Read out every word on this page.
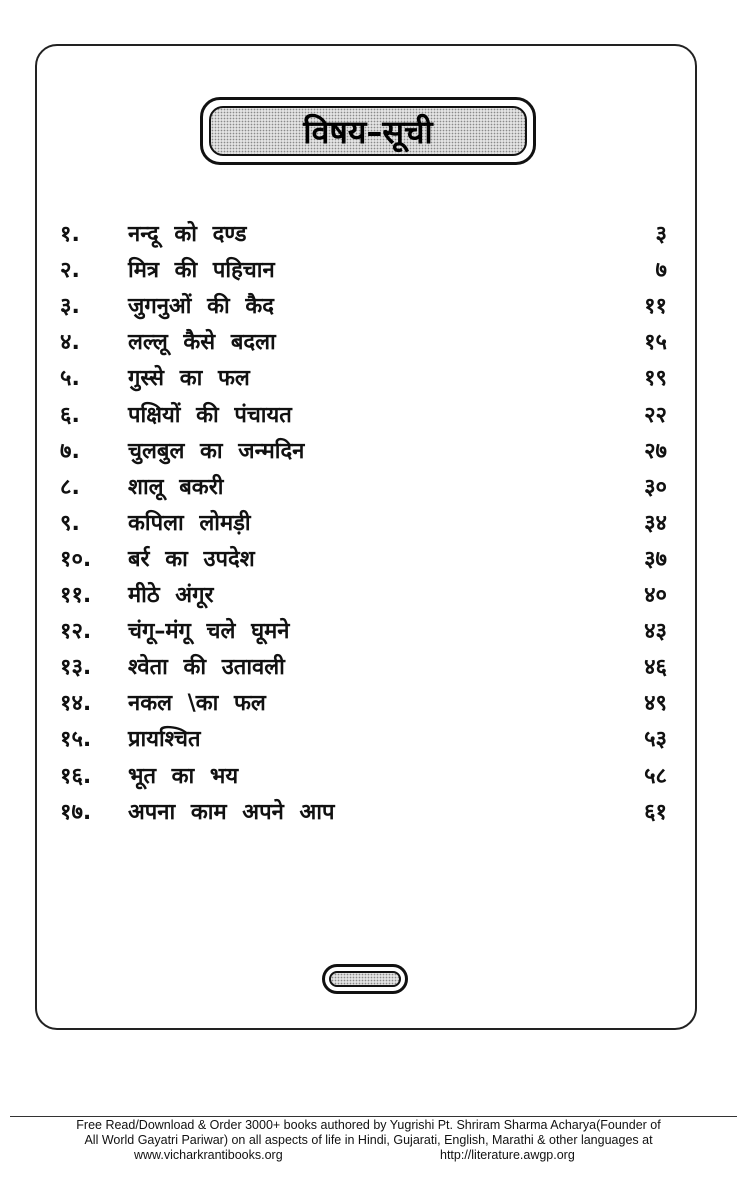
विषय–सूची
१. नन्दू को दण्ड	३
२. मित्र की पहिचान	७
३. जुगनुओं की कैद	११
४. लल्लू कैसे बदला	१५
५. गुस्से का फल	१९
६. पक्षियों की पंचायत	२२
७. चुलबुल का जन्मदिन	२७
८. शालू बकरी	३०
९. कपिला लोमड़ी	३४
१०. बर्र का उपदेश	३७
११. मीठे अंगूर	४०
१२. चंगू–मंगू चले घूमने	४३
१३. श्वेता की उतावली	४६
१४. नकल \का फल	४९
१५. प्रायश्चित	५३
१६. भूत का भय	५८
१७. अपना काम अपने आप	६१
Free Read/Download & Order 3000+ books authored by Yugrishi Pt. Shriram Sharma Acharya(Founder of
All World Gayatri Pariwar) on all aspects of life in Hindi, Gujarati, English, Marathi & other languages at
www.vicharkrantibooks.org	http://literature.awgp.org
